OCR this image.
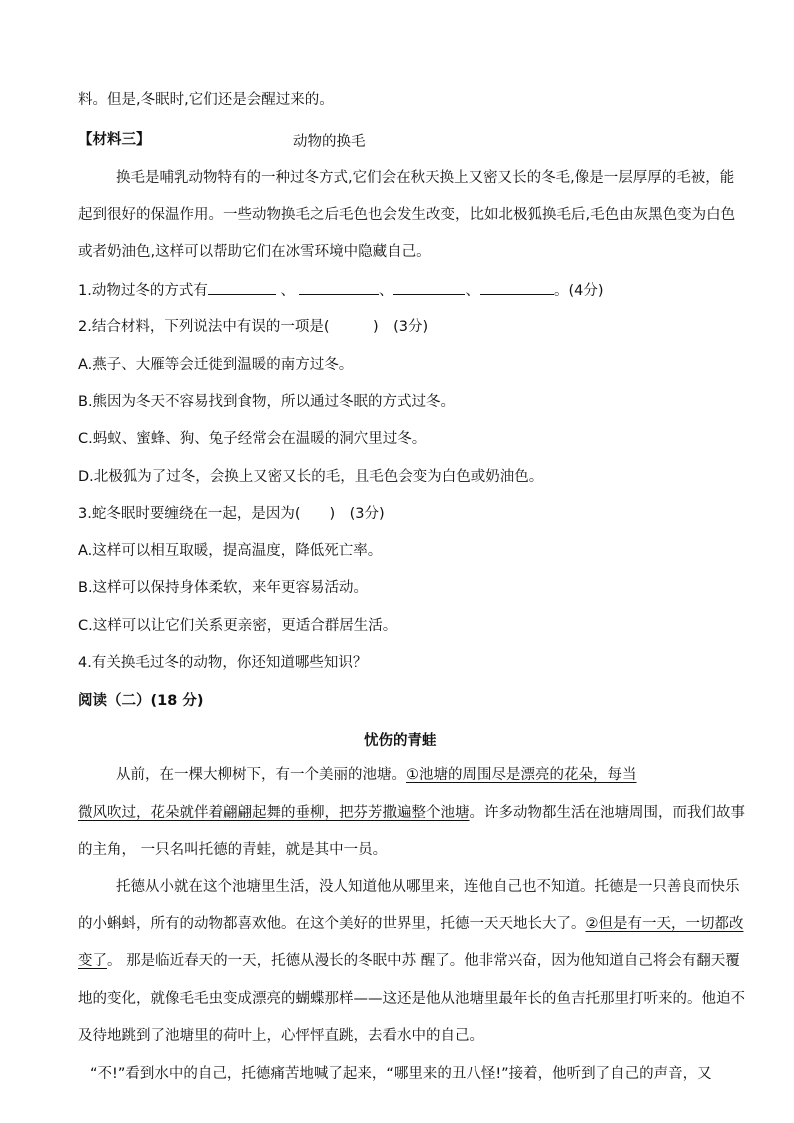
料。但是,冬眠时,它们还是会醒过来的。
【材料三】	动物的换毛
换毛是哺乳动物特有的一种过冬方式,它们会在秋天换上又密又长的冬毛,像是一层厚厚的毛被，能
起到很好的保温作用。一些动物换毛之后毛色也会发生改变，比如北极狐换毛后,毛色由灰黑色变为白色
或者奶油色,这样可以帮助它们在冰雪环境中隐藏自己。
1.动物过冬的方式有	、	、	、	。(4分)
2.结合材料，下列说法中有误的一项是(　　　)　(3分)
A.燕子、大雁等会迁徙到温暖的南方过冬。
B.熊因为冬天不容易找到食物，所以通过冬眠的方式过冬。
C.蚂蚁、蜜蜂、狗、兔子经常会在温暖的洞穴里过冬。
D.北极狐为了过冬，会换上又密又长的毛，且毛色会变为白色或奶油色。
3.蛇冬眠时要缠绕在一起，是因为(　　)　(3分)
A.这样可以相互取暖，提高温度，降低死亡率。
B.这样可以保持身体柔软，来年更容易活动。
C.这样可以让它们关系更亲密，更适合群居生活。
4.有关换毛过冬的动物，你还知道哪些知识？
阅读（二）(18 分)
忧伤的青蛙
从前，在一棵大柳树下，有一个美丽的池塘。①池塘的周围尽是漂亮的花朵，每当
微风吹过，花朵就伴着翩翩起舞的垂柳，把芬芳撒遍整个池塘。许多动物都生活在池塘周围，而我们故事
的主角， 一只名叫托德的青蛙，就是其中一员。
托德从小就在这个池塘里生活，没人知道他从哪里来，连他自己也不知道。托德是一只善良而快乐
的小蝌蚪，所有的动物都喜欢他。在这个美好的世界里，托德一天天地长大了。②但是有一天，一切都改
变了。 那是临近春天的一天，托德从漫长的冬眠中苏 醒了。他非常兴奋，因为他知道自己将会有翻天覆
地的变化，就像毛毛虫变成漂亮的蝴蝶那样——这还是他从池塘里最年长的鱼吉托那里打听来的。他迫不
及待地跳到了池塘里的荷叶上，心怦怦直跳，去看水中的自己。
“不!”看到水中的自己，托德痛苦地喊了起来，“哪里来的丑八怪!”接着，他听到了自己的声音，又
